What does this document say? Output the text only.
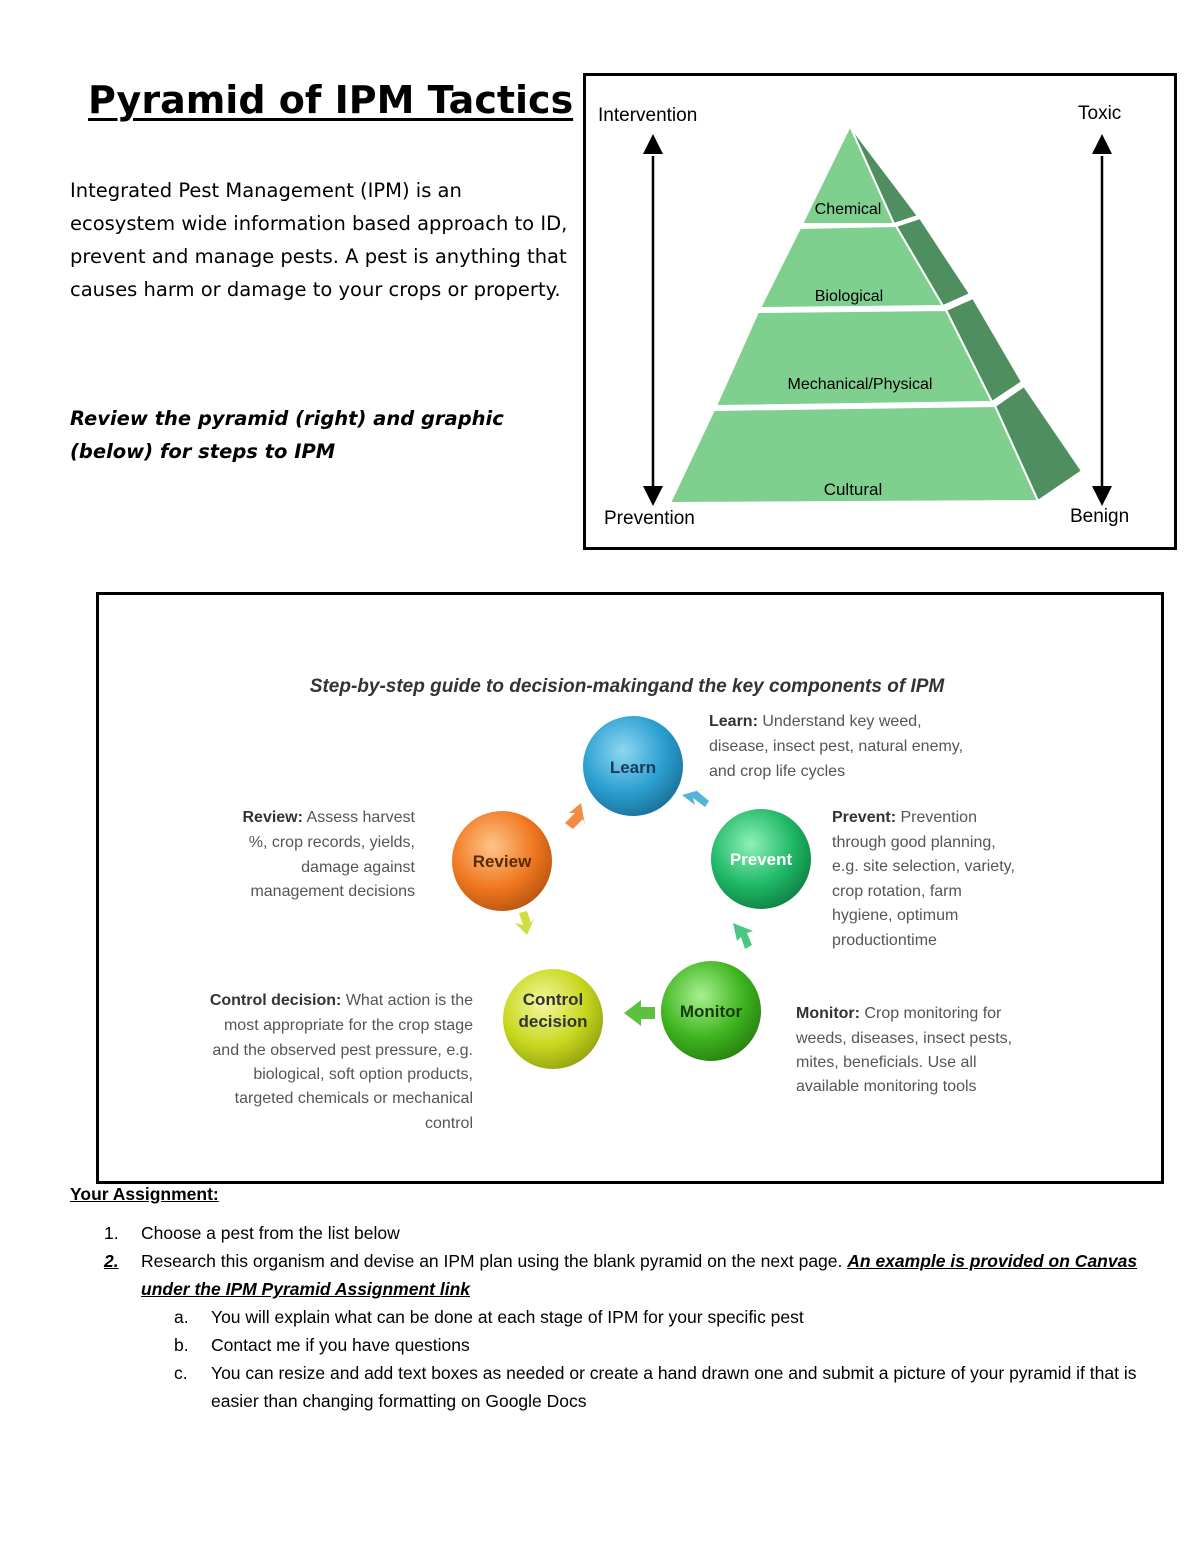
Pyramid of IPM Tactics

Integrated Pest Management (IPM) is an ecosystem wide information based approach to ID, prevent and manage pests. A pest is anything that causes harm or damage to your crops or property.

Review the pyramid (right) and graphic (below) for steps to IPM

Intervention
Prevention
Toxic
Benign
Chemical
Biological
Mechanical/Physical
Cultural
Step-by-step guide to decision-makingand the key components of IPM
Learn
Prevent
Monitor
Control
decision
Review
Learn: Understand key weed,
disease, insect pest, natural enemy,
and crop life cycles
Prevent: Prevention
through good planning,
e.g. site selection, variety,
crop rotation, farm
hygiene, optimum
productiontime
Monitor: Crop monitoring for
weeds, diseases, insect pests,
mites, beneficials. Use all
available monitoring tools
Control decision: What action is the
most appropriate for the crop stage
and the observed pest pressure, e.g.
biological, soft option products,
targeted chemicals or mechanical
control
Review: Assess harvest
%, crop records, yields,
damage against
management decisions
Your Assignment:
1. Choose a pest from the list below
2. Research this organism and devise an IPM plan using the blank pyramid on the next page. An example is provided on Canvas under the IPM Pyramid Assignment link
a. You will explain what can be done at each stage of IPM for your specific pest
b. Contact me if you have questions
c. You can resize and add text boxes as needed or create a hand drawn one and submit a picture of your pyramid if that is easier than changing formatting on Google Docs
